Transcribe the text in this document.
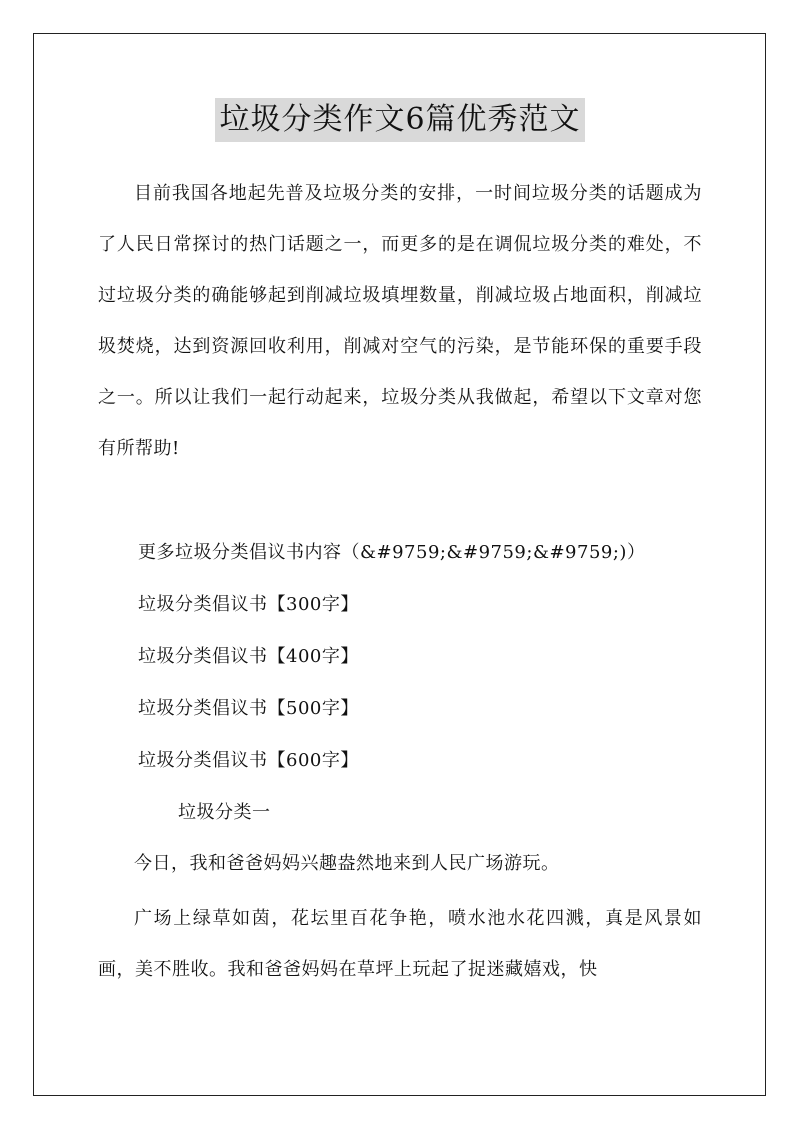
垃圾分类作文6篇优秀范文

目前我国各地起先普及垃圾分类的安排，一时间垃圾分类的话题成为了人民日常探讨的热门话题之一，而更多的是在调侃垃圾分类的难处，不过垃圾分类的确能够起到削减垃圾填埋数量，削减垃圾占地面积，削减垃圾焚烧，达到资源回收利用，削减对空气的污染，是节能环保的重要手段之一。所以让我们一起行动起来，垃圾分类从我做起，希望以下文章对您有所帮助!

更多垃圾分类倡议书内容（&#9759;&#9759;&#9759;)）

垃圾分类倡议书【300字】

垃圾分类倡议书【400字】

垃圾分类倡议书【500字】

垃圾分类倡议书【600字】

垃圾分类一

今日，我和爸爸妈妈兴趣盎然地来到人民广场游玩。

广场上绿草如茵，花坛里百花争艳，喷水池水花四溅，真是风景如画，美不胜收。我和爸爸妈妈在草坪上玩起了捉迷藏嬉戏，快
